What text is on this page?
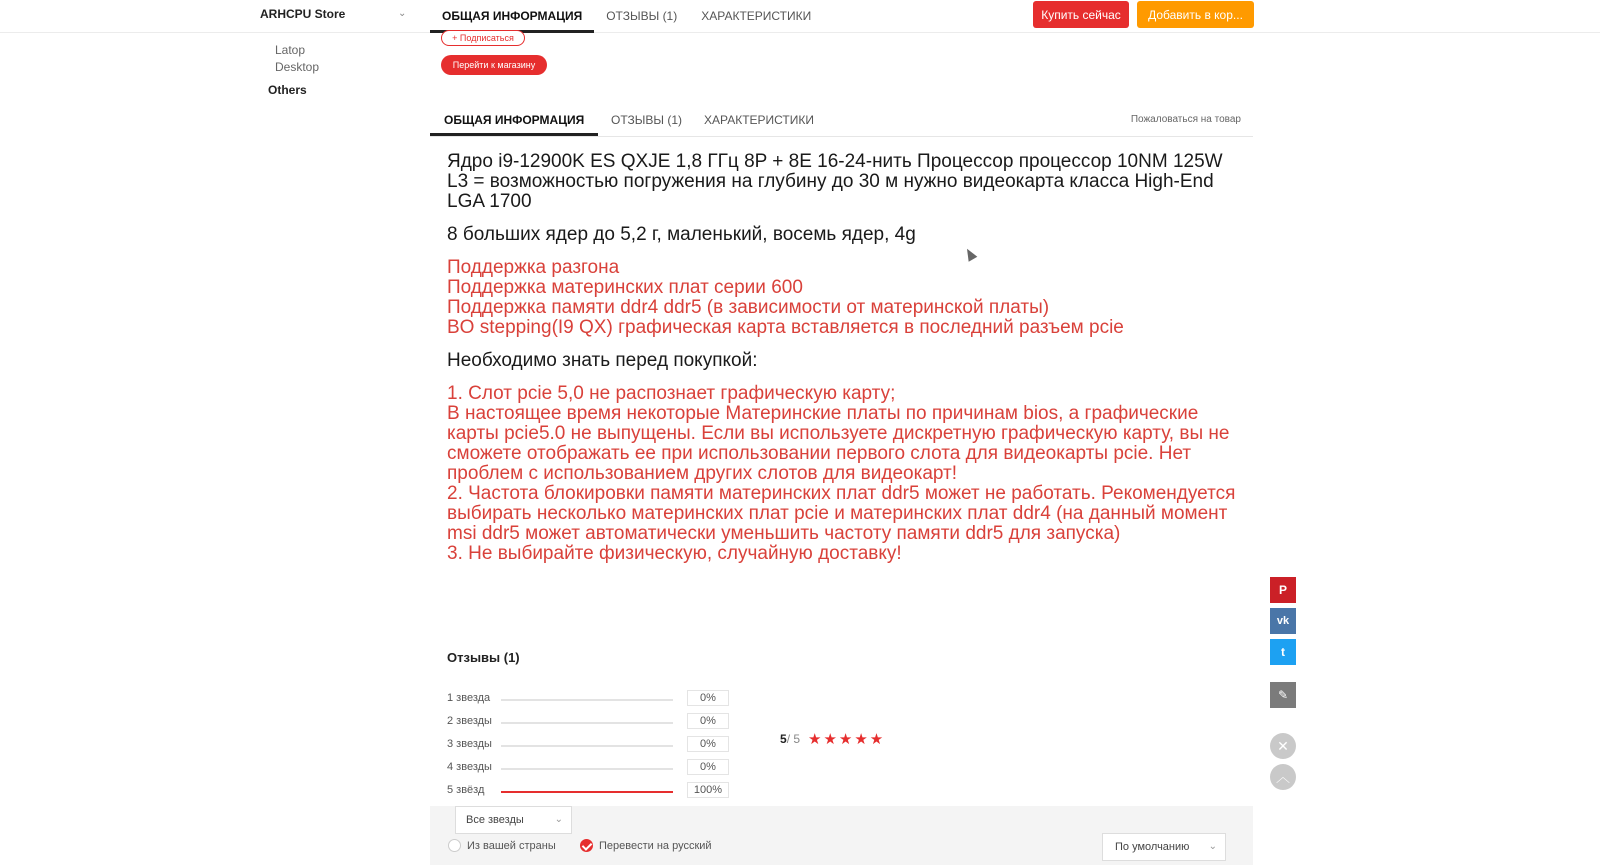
ARHCPU Store	⌄	ОБЩАЯ ИНФОРМАЦИЯ	ОТЗЫВЫ (1)	ХАРАКТЕРИСТИКИ	Купить сейчас	Добавить в кор...
Latop
Desktop
Others
+ Подписаться
Перейти к магазину
ОБЩАЯ ИНФОРМАЦИЯ ОТЗЫВЫ (1) ХАРАКТЕРИСТИКИ	Пожаловаться на товар

Ядро i9-12900K ES QXJE 1,8 ГГц 8P + 8E 16-24-нить Процессор процессор 10NM 125W L3 = возможностью погружения на глубину до 30 м нужно видеокарта класса High-End LGA 1700

8 больших ядер до 5,2 г, маленький, восемь ядер, 4g

Поддержка разгона
Поддержка материнских плат серии 600
Поддержка памяти ddr4 ddr5 (в зависимости от материнской платы)
BO stepping(I9 QX) графическая карта вставляется в последний разъем pcie

Необходимо знать перед покупкой:

1. Слот pcie 5,0 не распознает графическую карту;
В настоящее время некоторые Материнские платы по причинам bios, а графические карты pcie5.0 не выпущены. Если вы используете дискретную графическую карту, вы не сможете отображать ее при использовании первого слота для видеокарты pcie. Нет проблем с использованием других слотов для видеокарт!
2. Частота блокировки памяти материнских плат ddr5 может не работать. Рекомендуется выбирать несколько материнских плат pcie и материнских плат ddr4 (на данный момент msi ddr5 может автоматически уменьшить частоту памяти ddr5 для запуска)
3. Не выбирайте физическую, случайную доставку!

Отзывы (1)
1 звезда	0%
2 звезды	0%
3 звезды	0%
4 звезды	0%
5 звёзд	100%
5/ 5 ★★★★★
Все звезды	⌄
Из вашей страны	Перевести на русский	По умолчанию ⌄
P
vk
t
✎
✕
︿
